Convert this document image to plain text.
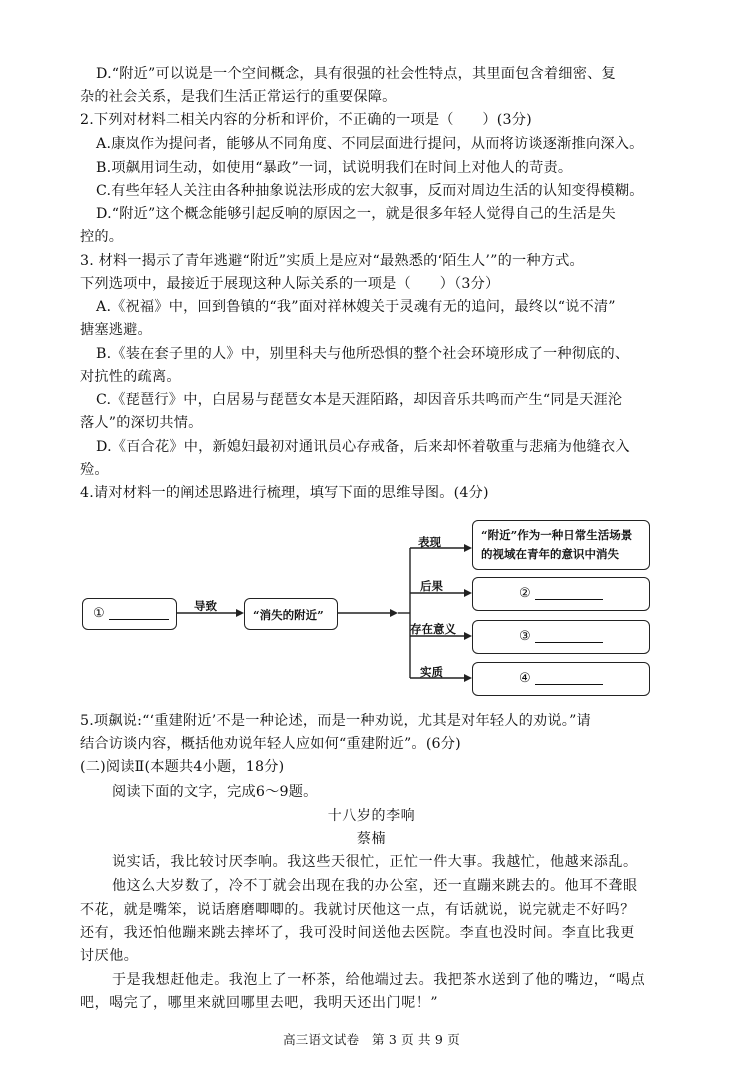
D.“附近”可以说是一个空间概念，具有很强的社会性特点，其里面包含着细密、复
杂的社会关系，是我们生活正常运行的重要保障。
2.下列对材料二相关内容的分析和评价，不正确的一项是（　　）(3分)
A.康岚作为提问者，能够从不同角度、不同层面进行提问，从而将访谈逐渐推向深入。
B.项飙用词生动，如使用“暴政”一词，试说明我们在时间上对他人的苛责。
C.有些年轻人关注由各种抽象说法形成的宏大叙事，反而对周边生活的认知变得模糊。
D.“附近”这个概念能够引起反响的原因之一，就是很多年轻人觉得自己的生活是失
控的。
3. 材料一揭示了青年逃避“附近”实质上是应对“最熟悉的‘陌生人’”的一种方式。
下列选项中，最接近于展现这种人际关系的一项是（　　）（3分）
A.《祝福》中，回到鲁镇的“我”面对祥林嫂关于灵魂有无的追问，最终以“说不清”
搪塞逃避。
B.《装在套子里的人》中，别里科夫与他所恐惧的整个社会环境形成了一种彻底的、
对抗性的疏离。
C.《琵琶行》中，白居易与琵琶女本是天涯陌路，却因音乐共鸣而产生“同是天涯沦
落人”的深切共情。
D.《百合花》中，新媳妇最初对通讯员心存戒备，后来却怀着敬重与悲痛为他缝衣入
殓。
4.请对材料一的阐述思路进行梳理，填写下面的思维导图。(4分)
①	导致
“消失的附近”
表现
后果
存在意义
实质
“附近”作为一种日常生活场景
的视域在青年的意识中消失
②
③
④
5.项飙说:“‘重建附近’不是一种论述，而是一种劝说，尤其是对年轻人的劝说。”请
结合访谈内容，概括他劝说年轻人应如何“重建附近”。(6分)
(二)阅读Ⅱ(本题共4小题，18分)
阅读下面的文字，完成6～9题。
十八岁的李响
蔡楠
说实话，我比较讨厌李响。我这些天很忙，正忙一件大事。我越忙，他越来添乱。
他这么大岁数了，冷不丁就会出现在我的办公室，还一直蹦来跳去的。他耳不聋眼
不花，就是嘴笨，说话磨磨唧唧的。我就讨厌他这一点，有话就说，说完就走不好吗？
还有，我还怕他蹦来跳去摔坏了，我可没时间送他去医院。李直也没时间。李直比我更
讨厌他。
于是我想赶他走。我泡上了一杯茶，给他端过去。我把茶水送到了他的嘴边，“喝点
吧，喝完了，哪里来就回哪里去吧，我明天还出门呢！”
高三语文试卷　第 3 页 共 9 页
